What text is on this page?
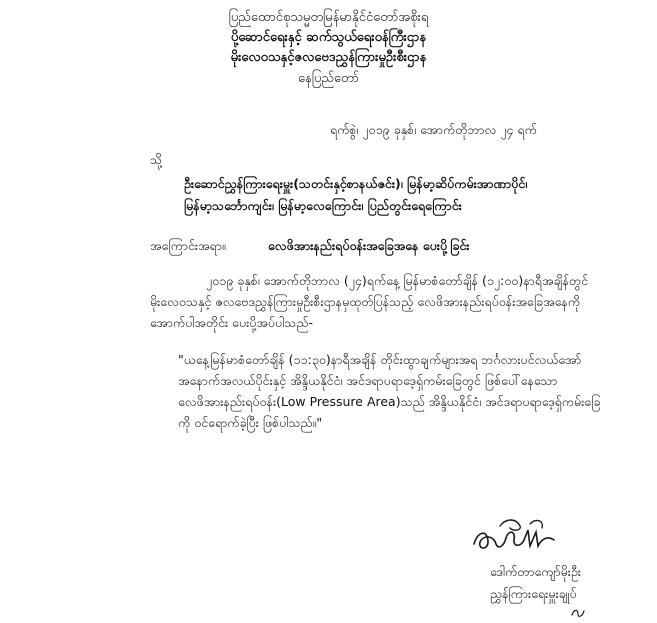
ပြည်ထောင်စုသမ္မတမြန်မာနိုင်ငံတော်အစိုးရ
ပို့ဆောင်ရေးနှင့် ဆက်သွယ်ရေးဝန်ကြီးဌာန
မိုးလေဝသနှင့်ဇလဗေဒညွှန်ကြားမှုဦးစီးဌာန
နေပြည်တော်
ရက်စွဲ၊ ၂၀၁၉ ခုနှစ်၊ အောက်တိုဘာလ ၂၄ ရက်
သို့
ဦးဆောင်ညွှန်ကြားရေးမှူး(သတင်းနှင့်စာနယ်ဇင်း)၊ မြန်မာ့ဆိပ်ကမ်းအာဏာပိုင်၊
မြန်မာ့သင်္ဘောကျင်း၊ မြန်မာ့လေကြောင်း၊ ပြည်တွင်းရေကြောင်း
အကြောင်းအရာ။	လေဖိအားနည်းရပ်ဝန်းအခြေအနေ ပေးပို့ခြင်း
၂၀၁၉ ခုနှစ်၊ အောက်တိုဘာလ (၂၄)ရက်နေ့ မြန်မာစံတော်ချိန် (၁၂:၀၀)နာရီအချိန်တွင်
မိုးလေဝသနှင့် ဇလဗေဒညွှန်ကြားမှုဦးစီးဌာနမှထုတ်ပြန်သည့် လေဖိအားနည်းရပ်ဝန်းအခြေအနေကို
အောက်ပါအတိုင်း ပေးပို့အပ်ပါသည်-
"ယနေ့မြန်မာစံတော်ချိန် (၁၁:၃၀)နာရီအချိန် တိုင်းထွာချက်များအရ ဘင်္ဂလားပင်လယ်အော်
အနောက်အလယ်ပိုင်းနှင့် အိန္ဒိယနိုင်ငံ၊ အင်ဒရာပရာဒေ့ရှ်ကမ်းခြေတွင် ဖြစ်ပေါ်နေသော
လေဖိအားနည်းရပ်ဝန်း(Low Pressure Area)သည် အိန္ဒိယနိုင်ငံ၊ အင်ဒရာပရာဒေ့ရှ်ကမ်းခြေ
ကို ဝင်ရောက်ခဲ့ပြီး ဖြစ်ပါသည်။"
ဒေါက်တာကျော်မိုးဦး
ညွှန်ကြားရေးမှူးချုပ်
